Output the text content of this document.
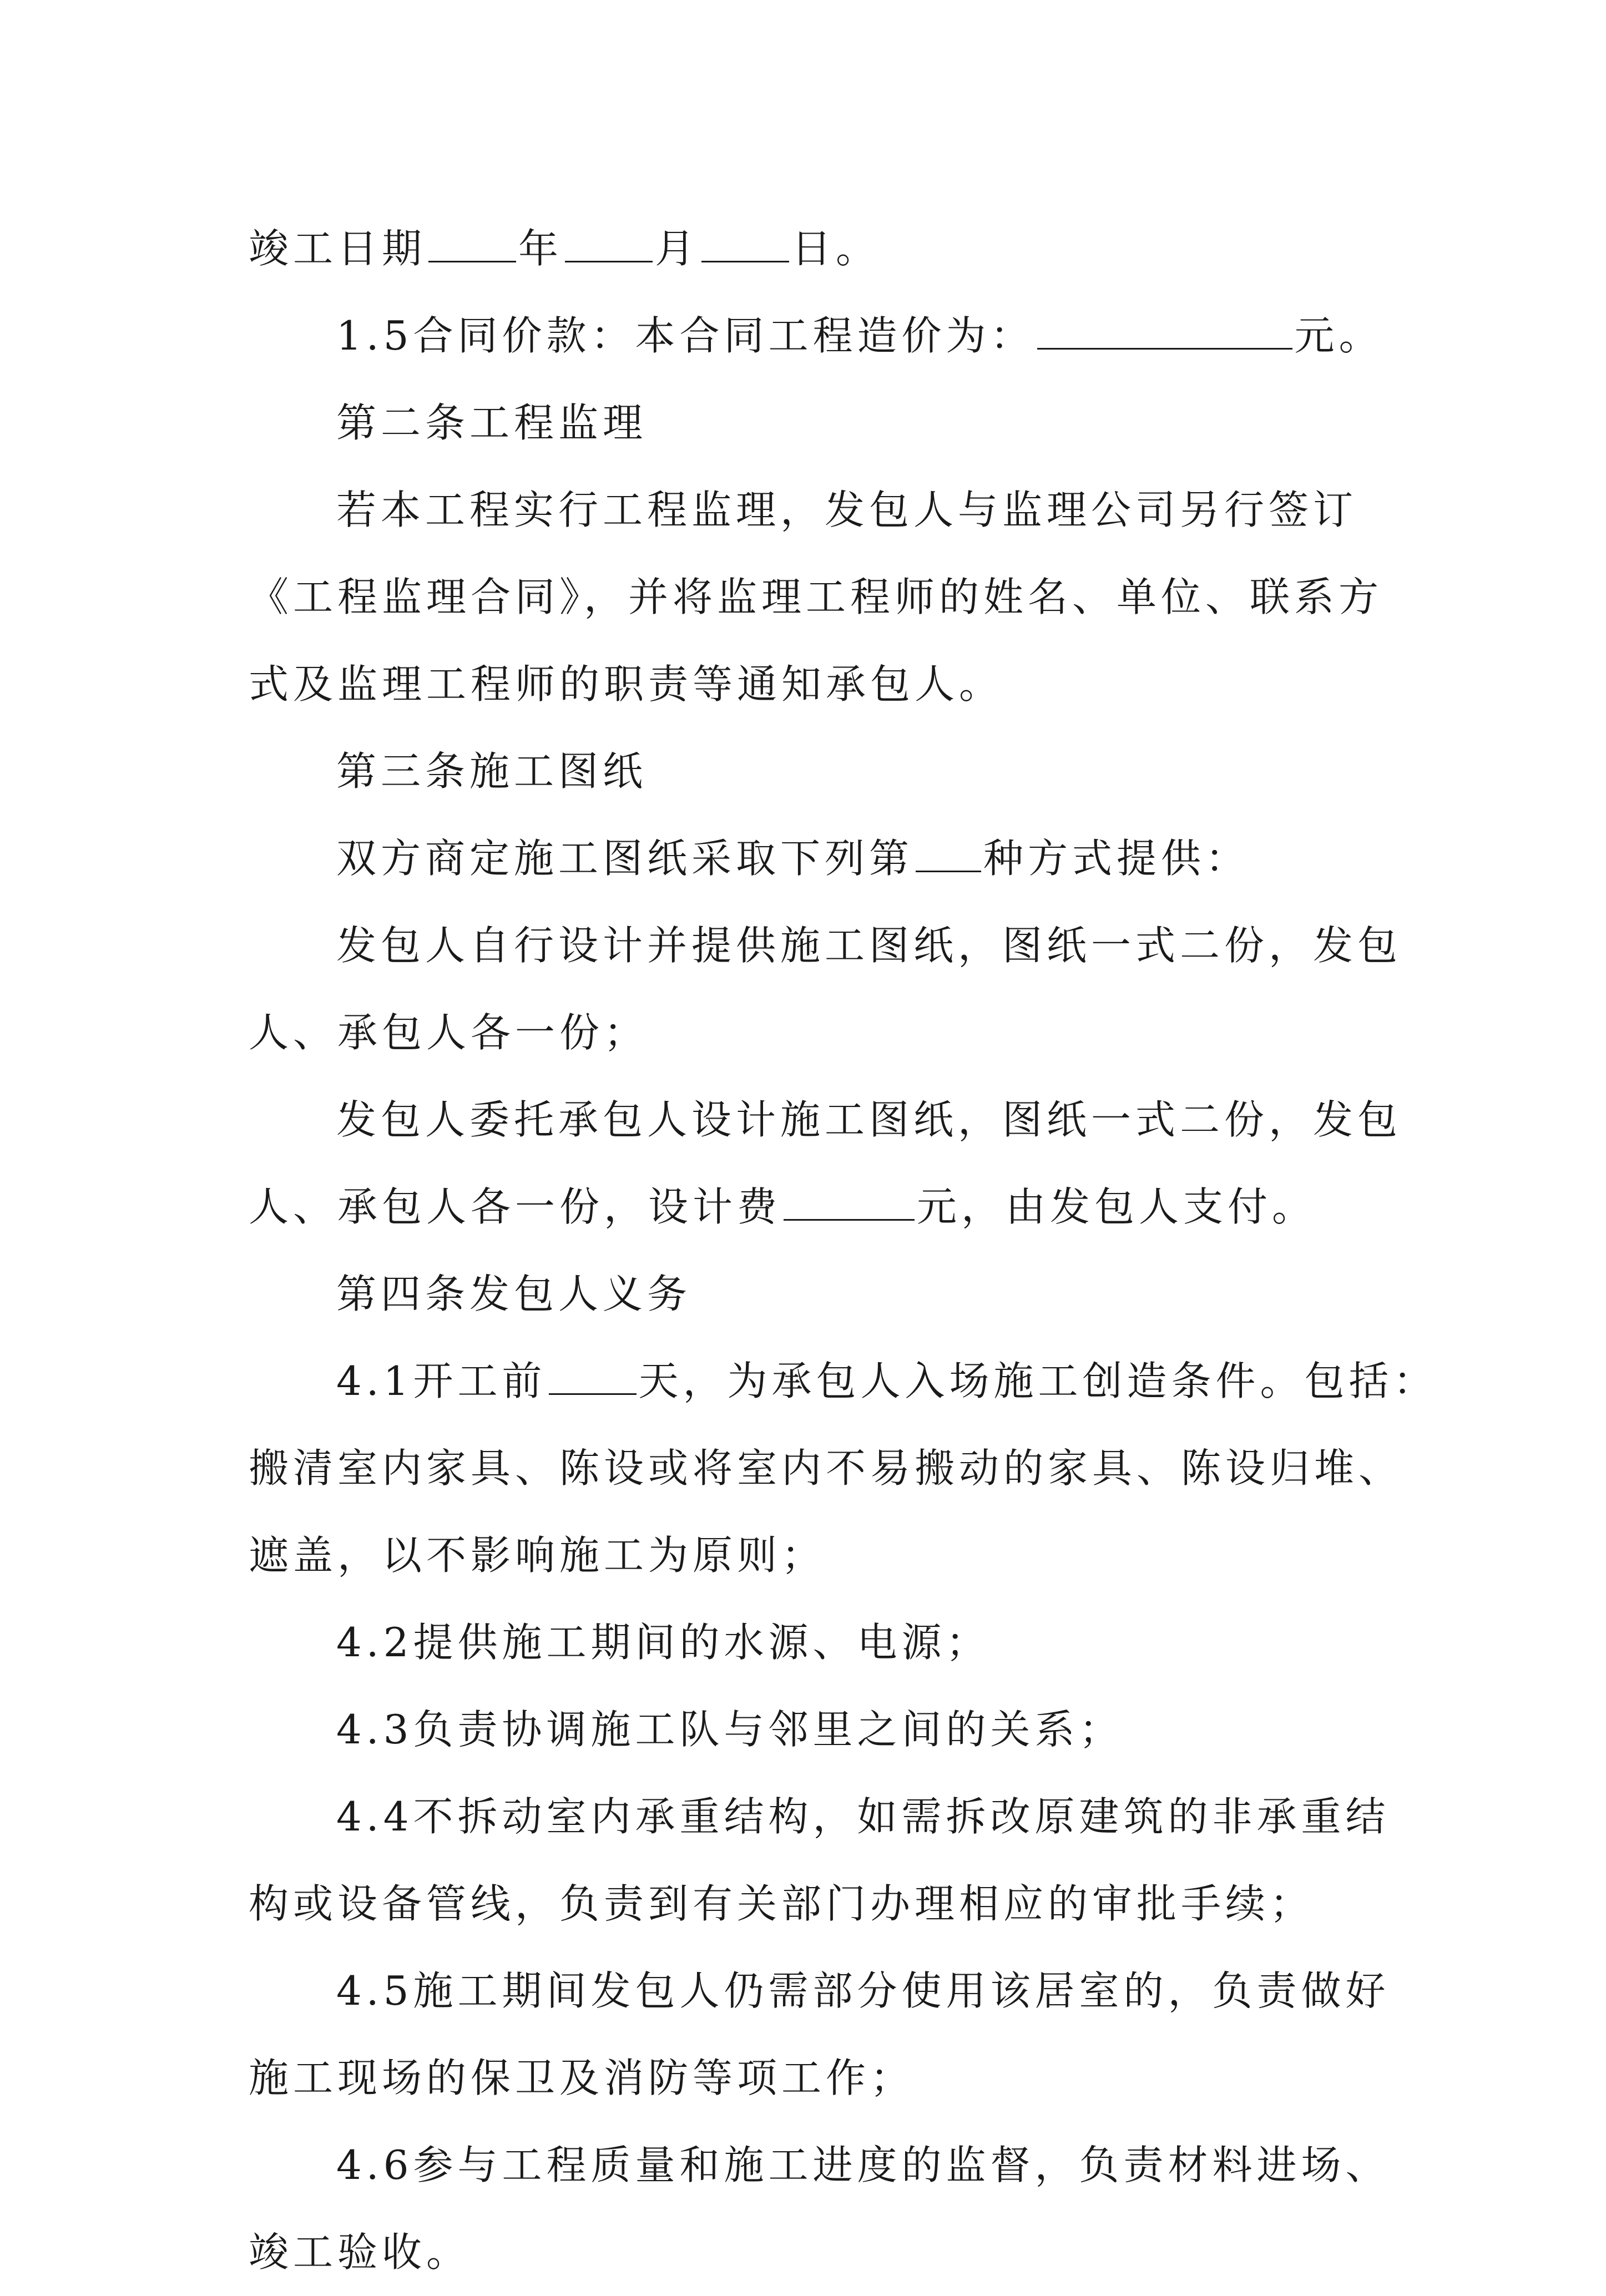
竣工日期 年 月 日。
1.5合同价款：本合同工程造价为：	元。
第二条工程监理
若本工程实行工程监理，发包人与监理公司另行签订
《工程监理合同》，并将监理工程师的姓名、单位、联系方
式及监理工程师的职责等通知承包人。
第三条施工图纸
双方商定施工图纸采取下列第 种方式提供：
发包人自行设计并提供施工图纸，图纸一式二份，发包
人、承包人各一份；
发包人委托承包人设计施工图纸，图纸一式二份，发包
人、承包人各一份，设计费	元，由发包人支付。
第四条发包人义务
4.1开工前 天，为承包人入场施工创造条件。包括：
搬清室内家具、陈设或将室内不易搬动的家具、陈设归堆、
遮盖，以不影响施工为原则；
4.2提供施工期间的水源、电源；
4.3负责协调施工队与邻里之间的关系；
4.4不拆动室内承重结构，如需拆改原建筑的非承重结
构或设备管线，负责到有关部门办理相应的审批手续；
4.5施工期间发包人仍需部分使用该居室的，负责做好
施工现场的保卫及消防等项工作；
4.6参与工程质量和施工进度的监督，负责材料进场、
竣工验收。
